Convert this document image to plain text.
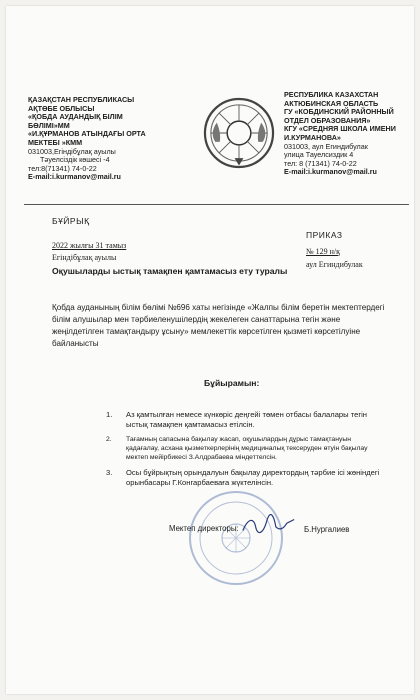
ҚАЗАҚСТАН РЕСПУБЛИКАСЫ
АҚТӨБЕ ОБЛЫСЫ
«ҚОБДА АУДАНДЫҚ БІЛІМ
БӨЛІМІ»ММ
«И.ҚҰРМАНОВ АТЫНДАҒЫ ОРТА
МЕКТЕБІ »КММ
031003,Егіндібұлақ ауылы
Тәуелсіздік көшесі -4
тел:8(71341) 74-0-22
E-mail:i.kurmanov@mail.ru
РЕСПУБЛИКА КАЗАХСТАН
АКТЮБИНСКАЯ ОБЛАСТЬ
ГУ «КОБДИНСКИЙ РАЙОННЫЙ
ОТДЕЛ ОБРАЗОВАНИЯ»
КГУ «СРЕДНЯЯ ШКОЛА ИМЕНИ
И.КУРМАНОВА»
031003, аул Егиндибулак
улица Тауелсиздик 4
тел: 8 (71341) 74-0-22
E-mail:i.kurmanov@mail.ru
БҰЙРЫҚ
ПРИКАЗ
2022 жылғы 31 тамыз
Егіндібұлақ ауылы
№ 129 н/қ
аул Егиндибулак
Оқушыларды ыстық тамақпен қамтамасыз ету туралы
Қобда ауданының білім бөлімі №696 хаты негізінде «Жалпы білім беретін мектептердегі
білім алушылар мен тәрбиеленушілердің жекелеген санаттарына тегін және
жеңілдетілген тамақтандыру ұсыну» мемлекеттік көрсетілген қызметі көрсетілуіне
байланысты
Бұйырамын:
1. Аз қамтылған немесе күнкөріс деңгейі төмен отбасы балалары тегін
ыстық тамақпен қамтамасыз етілсін.
2. Тағамның сапасына бақылау жасап, оқушылардың дұрыс тамақтануын
қадағалау, асхана қызметкерлерінің медициналық тексеруден өтуін бақылау
мектеп мейірбикесі З.Алдрабаева міндеттелсін.
3. Осы бұйрықтың орындалуын бақылау директордың тәрбие ісі жөніндегі
орынбасары Г.Конгарбаеваға жүктелінсін.
Мектеп директоры:	Б.Нургалиев
